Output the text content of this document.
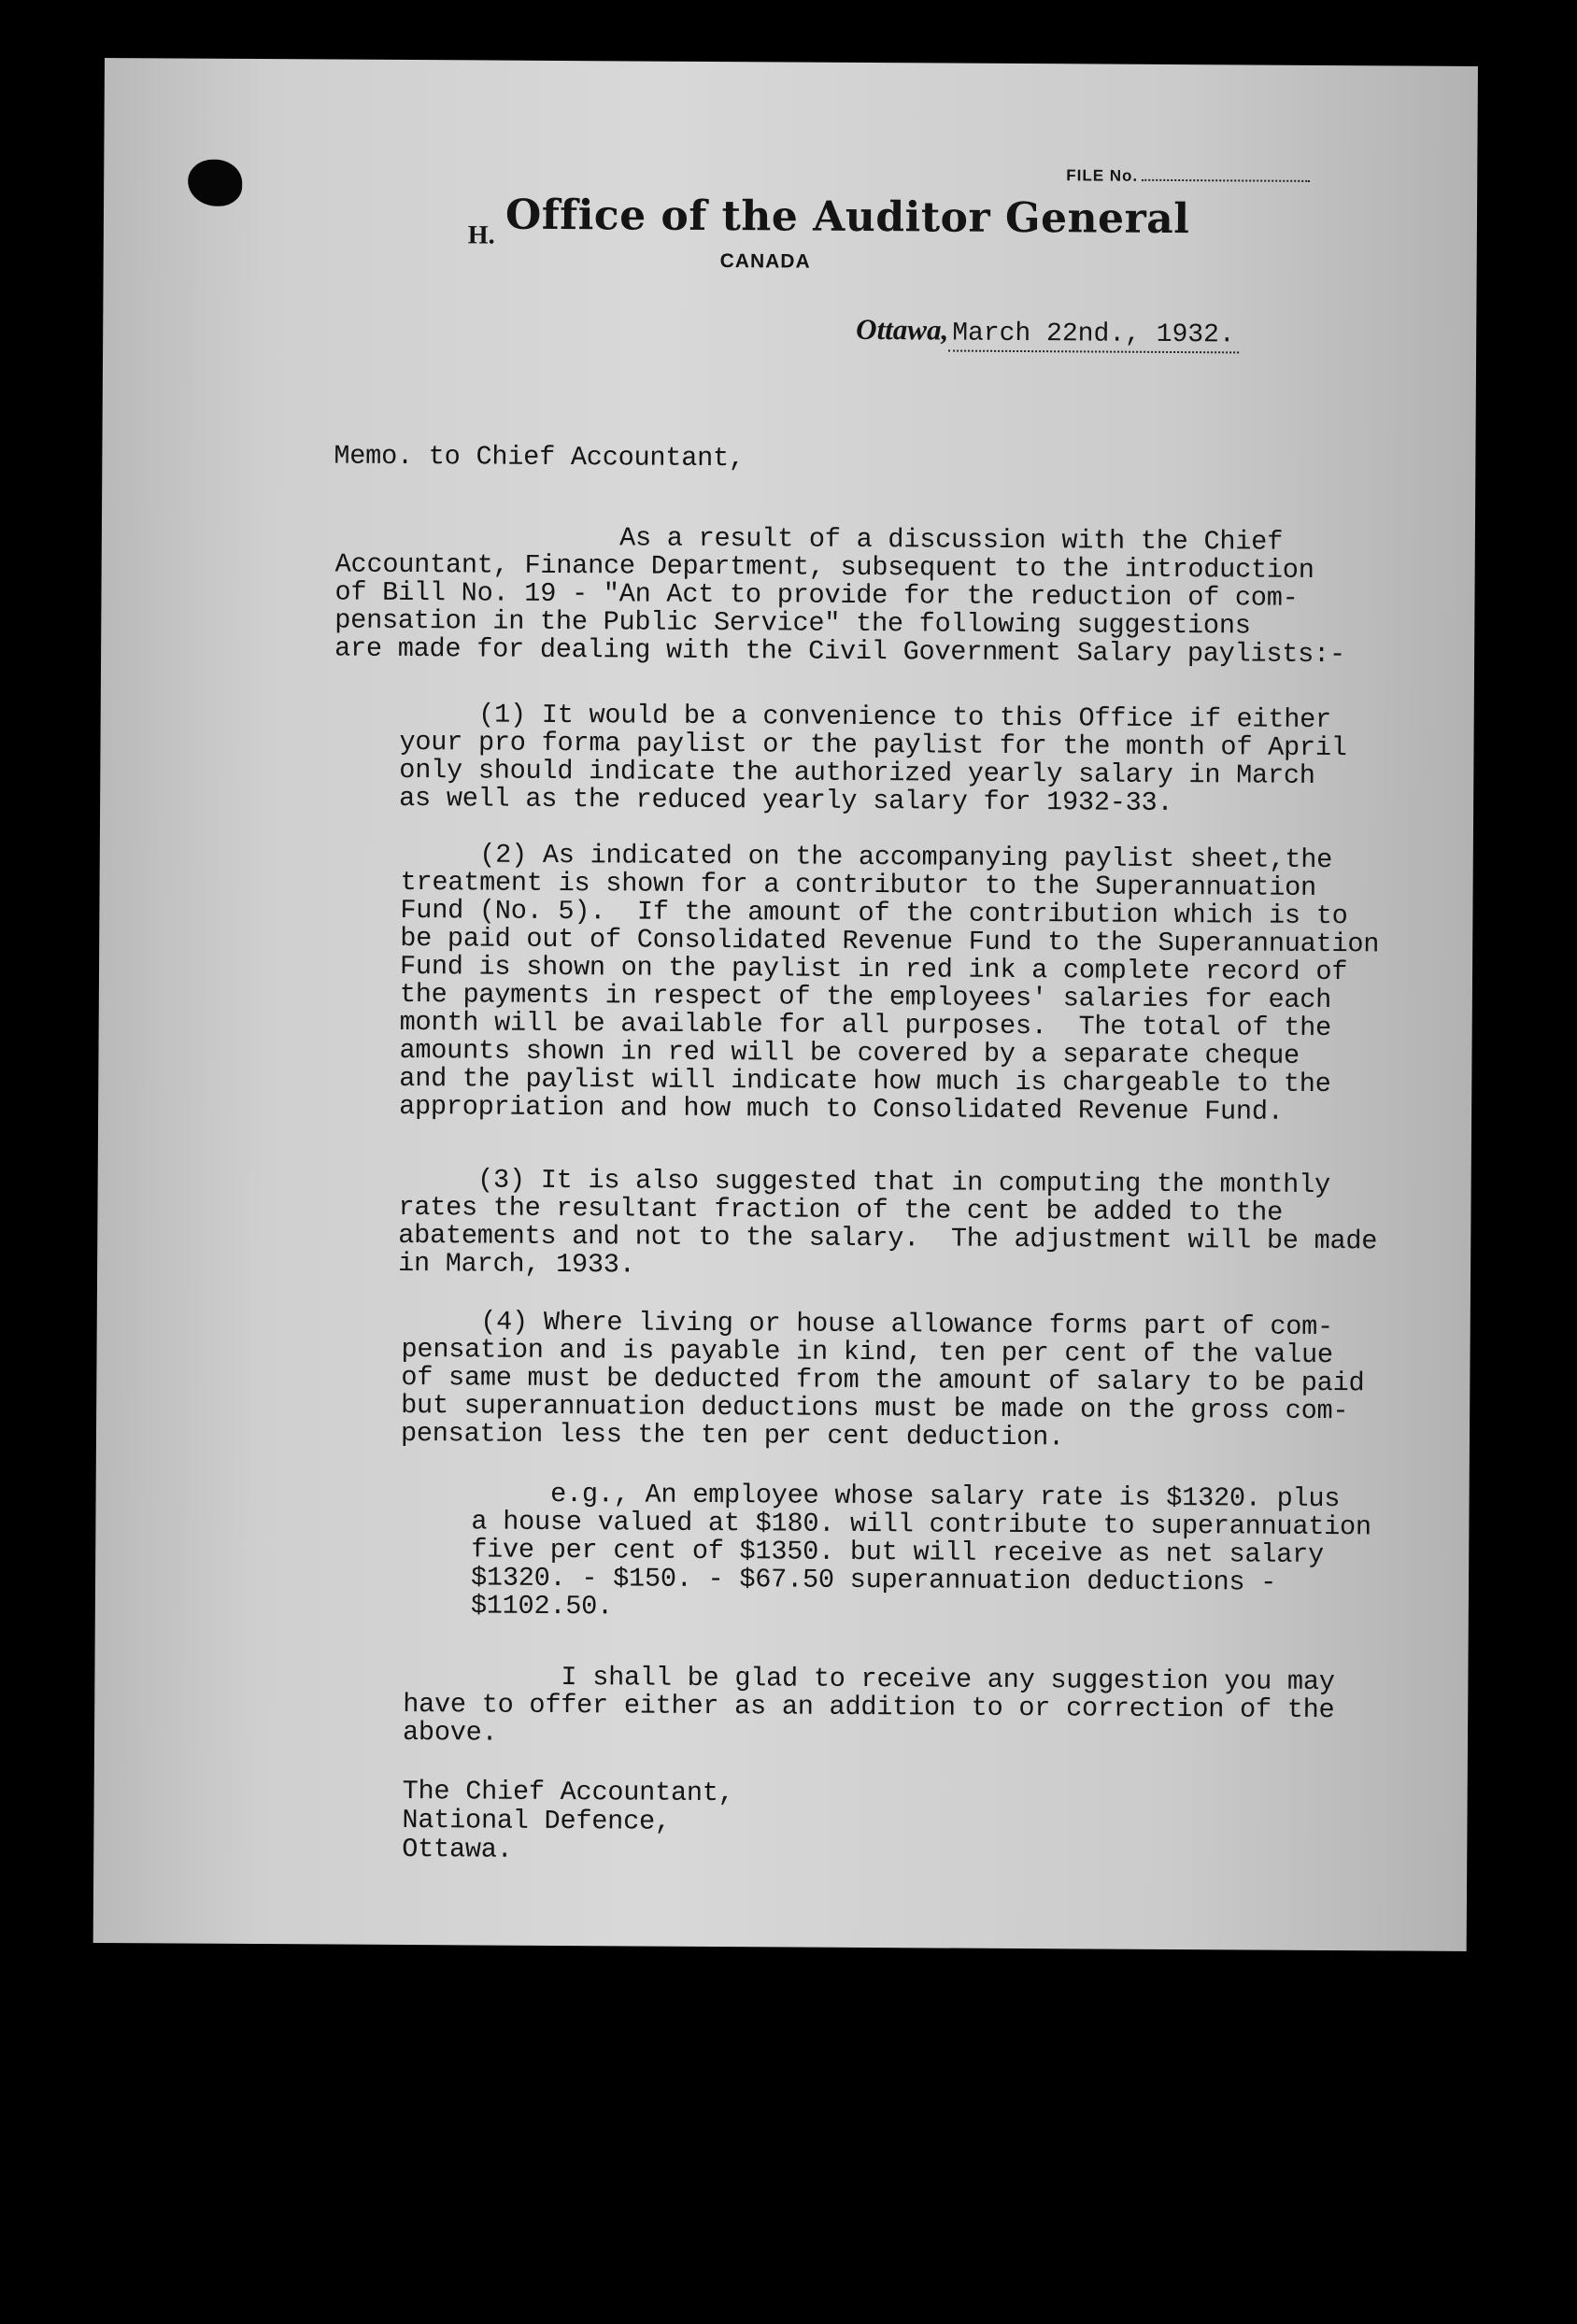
FILE No.
H. Office of the Auditor General
CANADA
Ottawa, March 22nd., 1932.

Memo. to Chief Accountant,

As a result of a discussion with the Chief
Accountant, Finance Department, subsequent to the introduction
of Bill No. 19 - "An Act to provide for the reduction of com-
pensation in the Public Service" the following suggestions
are made for dealing with the Civil Government Salary paylists:-

(1) It would be a convenience to this Office if either
your pro forma paylist or the paylist for the month of April
only should indicate the authorized yearly salary in March
as well as the reduced yearly salary for 1932-33.

(2) As indicated on the accompanying paylist sheet,the
treatment is shown for a contributor to the Superannuation
Fund (No. 5).  If the amount of the contribution which is to
be paid out of Consolidated Revenue Fund to the Superannuation
Fund is shown on the paylist in red ink a complete record of
the payments in respect of the employees' salaries for each
month will be available for all purposes.  The total of the
amounts shown in red will be covered by a separate cheque
and the paylist will indicate how much is chargeable to the
appropriation and how much to Consolidated Revenue Fund.

(3) It is also suggested that in computing the monthly
rates the resultant fraction of the cent be added to the
abatements and not to the salary.  The adjustment will be made
in March, 1933.

(4) Where living or house allowance forms part of com-
pensation and is payable in kind, ten per cent of the value
of same must be deducted from the amount of salary to be paid
but superannuation deductions must be made on the gross com-
pensation less the ten per cent deduction.

e.g., An employee whose salary rate is $1320. plus
a house valued at $180. will contribute to superannuation
five per cent of $1350. but will receive as net salary
$1320. - $150. - $67.50 superannuation deductions -
$1102.50.

I shall be glad to receive any suggestion you may
have to offer either as an addition to or correction of the
above.

The Chief Accountant,
National Defence,
Ottawa.
